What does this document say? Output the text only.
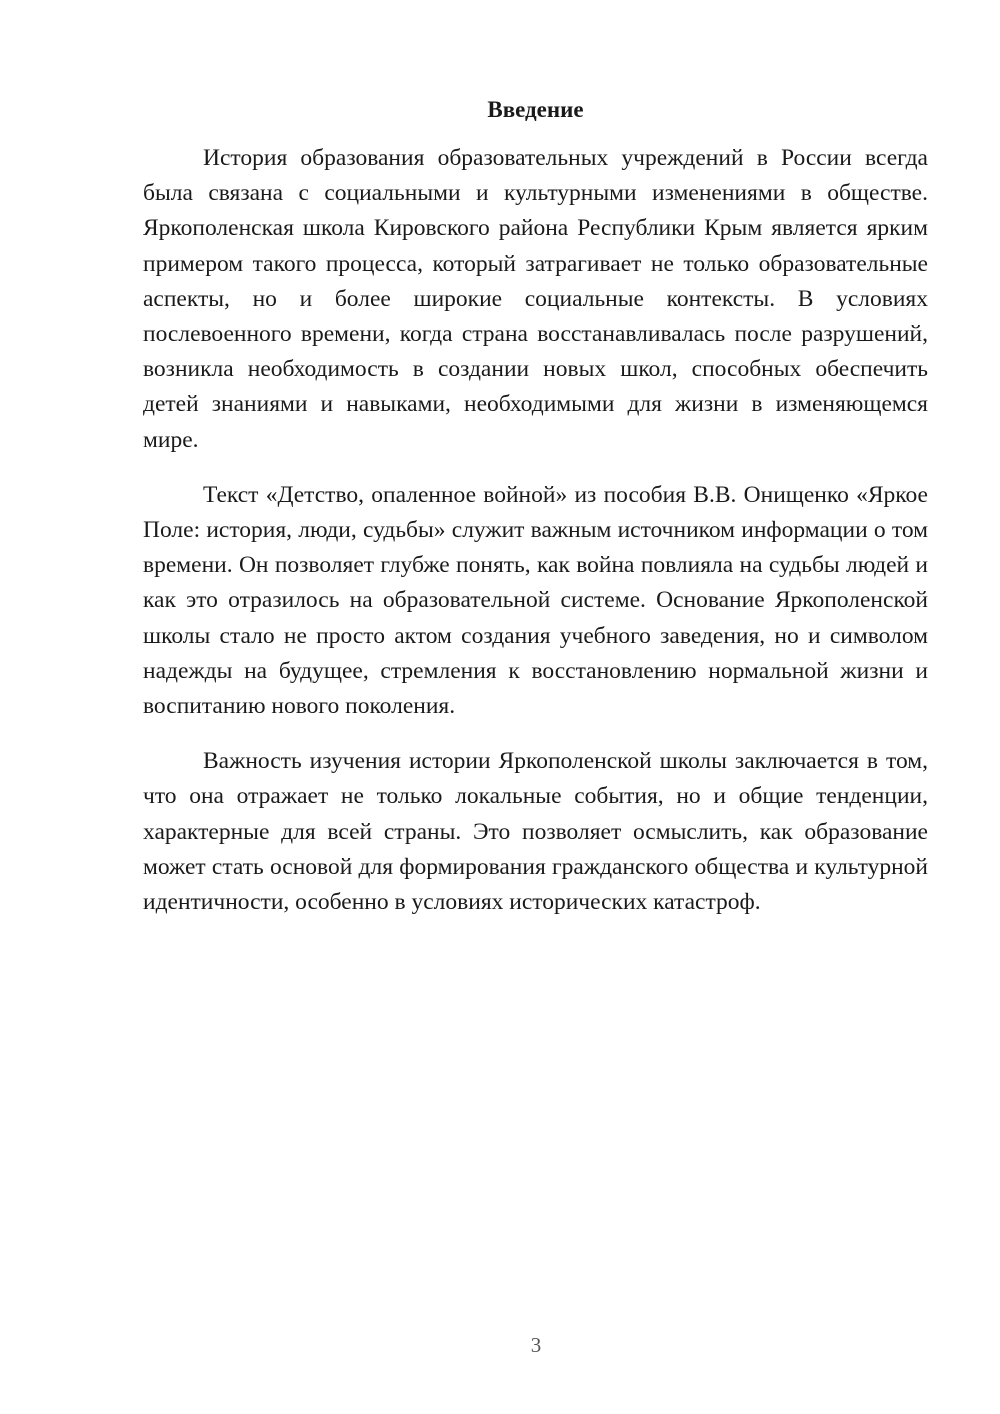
Введение

История образования образовательных учреждений в России всегда была связана с социальными и культурными изменениями в обществе. Яркополенская школа Кировского района Республики Крым является ярким примером такого процесса, который затрагивает не только образовательные аспекты, но и более широкие социальные контексты. В условиях послевоенного времени, когда страна восстанавливалась после разрушений, возникла необходимость в создании новых школ, способных обеспечить детей знаниями и навыками, необходимыми для жизни в изменяющемся мире.

Текст «Детство, опаленное войной» из пособия В.В. Онищенко «Яркое Поле: история, люди, судьбы» служит важным источником информации о том времени. Он позволяет глубже понять, как война повлияла на судьбы людей и как это отразилось на образовательной системе. Основание Яркополенской школы стало не просто актом создания учебного заведения, но и символом надежды на будущее, стремления к восстановлению нормальной жизни и воспитанию нового поколения.

Важность изучения истории Яркополенской школы заключается в том, что она отражает не только локальные события, но и общие тенденции, характерные для всей страны. Это позволяет осмыслить, как образование может стать основой для формирования гражданского общества и культурной идентичности, особенно в условиях исторических катастроф.

3
